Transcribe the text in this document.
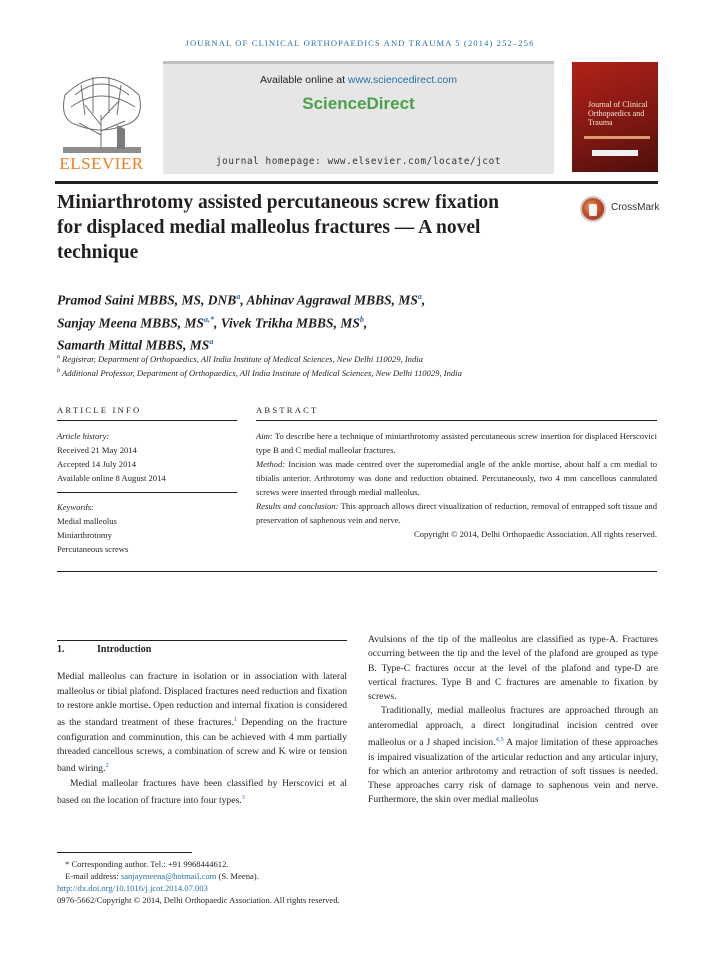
JOURNAL OF CLINICAL ORTHOPAEDICS AND TRAUMA 5 (2014) 252–256
ELSEVIER
Available online at www.sciencedirect.com
ScienceDirect
journal homepage: www.elsevier.com/locate/jcot
Journal of Clinical Orthopaedics and Trauma
Miniarthrotomy assisted percutaneous screw fixation for displaced medial malleolus fractures — A novel technique
CrossMark
Pramod Saini MBBS, MS, DNB$^a$, Abhinav Aggrawal MBBS, $MS^a$,
Sanjay Meena MBBS, $MS^{a,*}$, Vivek Trikha MBBS, $MS^b$,
Samarth Mittal MBBS, $MS^a$
$^a$ Registrar, Department of Orthopaedics, All India Institute of Medical Sciences, New Delhi 110029, India
$^b$ Additional Professor, Department of Orthopaedics, All India Institute of Medical Sciences, New Delhi 110029, India
ARTICLE INFO	ABSTRACT
Article history:
Received 21 May 2014
Accepted 14 July 2014
Available online 8 August 2014
Keywords:
Medial malleolus
Miniarthrotomy
Percutaneous screws
Aim: To describe here a technique of miniarthrotomy assisted percutaneous screw insertion for displaced Herscovici type B and C medial malleolar fractures.
Method: Incision was made centred over the superomedial angle of the ankle mortise, about half a cm medial to tibialis anterior. Arthrotomy was done and reduction obtained. Percutaneously, two 4 mm cancellous cannulated screws were inserted through medial malleolus.
Results and conclusion: This approach allows direct visualization of reduction, removal of entrapped soft tissue and preservation of saphenous vein and nerve.
Copyright © 2014, Delhi Orthopaedic Association. All rights reserved.
1.	Introduction

Medial malleolus can fracture in isolation or in association with lateral malleolus or tibial plafond. Displaced fractures need reduction and fixation to restore ankle mortise. Open reduction and internal fixation is considered as the standard treatment of these fractures.$^1$ Depending on the fracture configuration and comminution, this can be achieved with 4 mm partially threaded cancellous screws, a combination of screw and K wire or tension band wiring.$^2$

Medial malleolar fractures have been classified by Herscovici et al based on the location of fracture into four types.$^3$

Avulsions of the tip of the malleolus are classified as type-A. Fractures occurring between the tip and the level of the plafond are grouped as type B. Type-C fractures occur at the level of the plafond and type-D are vertical fractures. Type B and C fractures are amenable to fixation by screws.

Traditionally, medial malleolus fractures are approached through an anteromedial approach, a direct longitudinal incision centred over malleolus or a J shaped incision.$^{4,5}$ A major limitation of these approaches is impaired visualization of the articular reduction and any articular injury, for which an anterior arthrotomy and retraction of soft tissues is needed. These approaches carry risk of damage to saphenous vein and nerve. Furthermore, the skin over medial malleolus

* Corresponding author. Tel.: +91 9968444612.
E-mail address: sanjaymeena@hotmail.com (S. Meena).
http://dx.doi.org/10.1016/j.jcot.2014.07.003
0976-5662/Copyright © 2014, Delhi Orthopaedic Association. All rights reserved.
